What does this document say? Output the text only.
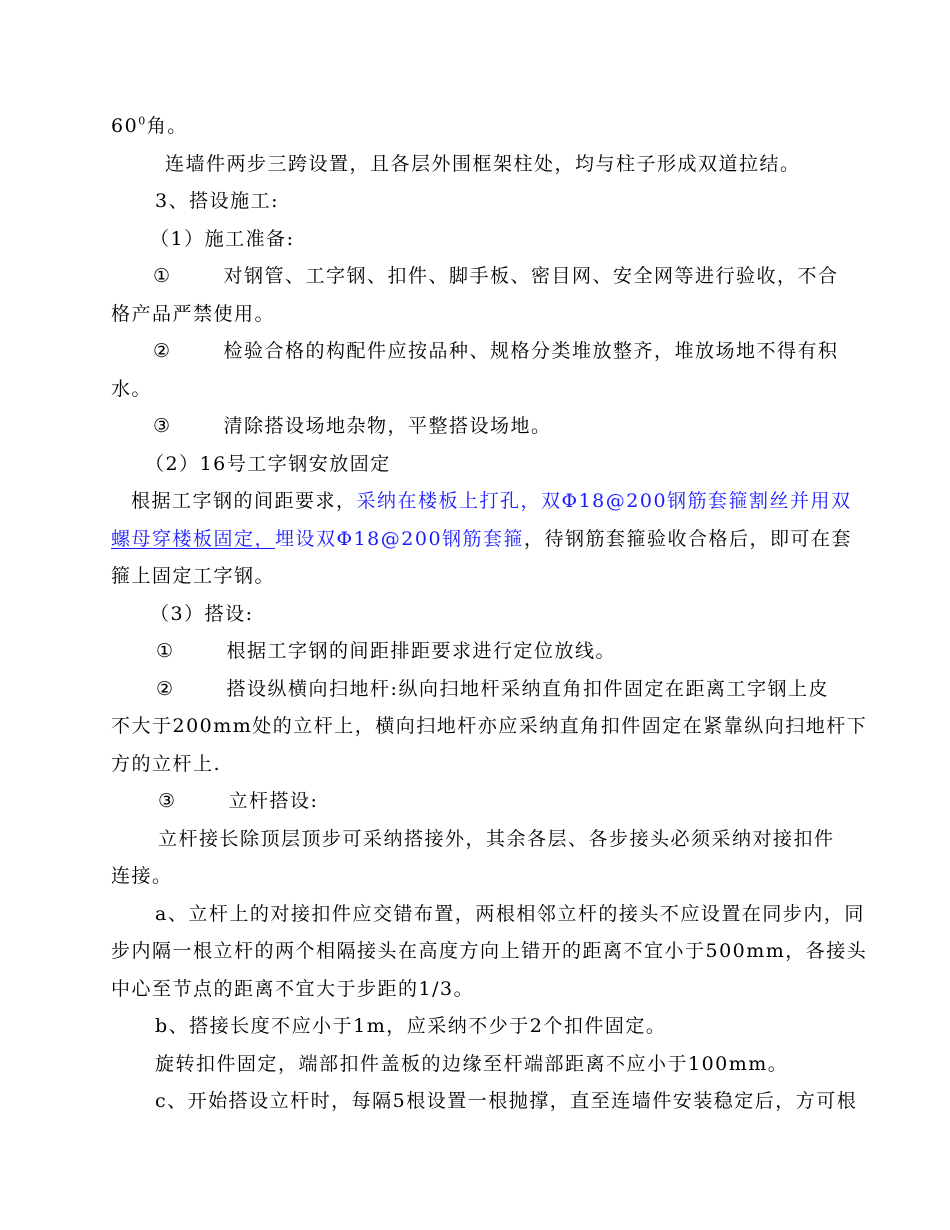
$60^0$角。
连墙件两步三跨设置，且各层外围框架柱处，均与柱子形成双道拉结。
3、搭设施工:
（1）施工准备:
①	对钢管、工字钢、扣件、脚手板、密目网、安全网等进行验收，不合
格产品严禁使用。
②	检验合格的构配件应按品种、规格分类堆放整齐，堆放场地不得有积
水。
③	清除搭设场地杂物，平整搭设场地。
（2）16号工字钢安放固定
根据工字钢的间距要求，采纳在楼板上打孔，双Φ18@200钢筋套箍割丝并用双
螺母穿楼板固定，埋设双Φ18@200钢筋套箍，待钢筋套箍验收合格后，即可在套
箍上固定工字钢。
（3）搭设:
①	根据工字钢的间距排距要求进行定位放线。
②	搭设纵横向扫地杆:纵向扫地杆采纳直角扣件固定在距离工字钢上皮
不大于200mm处的立杆上，横向扫地杆亦应采纳直角扣件固定在紧靠纵向扫地杆下
方的立杆上.
③	立杆搭设:
立杆接长除顶层顶步可采纳搭接外，其余各层、各步接头必须采纳对接扣件
连接。
a、立杆上的对接扣件应交错布置，两根相邻立杆的接头不应设置在同步内，同
步内隔一根立杆的两个相隔接头在高度方向上错开的距离不宜小于500mm，各接头
中心至节点的距离不宜大于步距的1/3。
b、搭接长度不应小于1m，应采纳不少于2个扣件固定。
旋转扣件固定，端部扣件盖板的边缘至杆端部距离不应小于100mm。
c、开始搭设立杆时，每隔5根设置一根抛撑，直至连墙件安装稳定后，方可根
